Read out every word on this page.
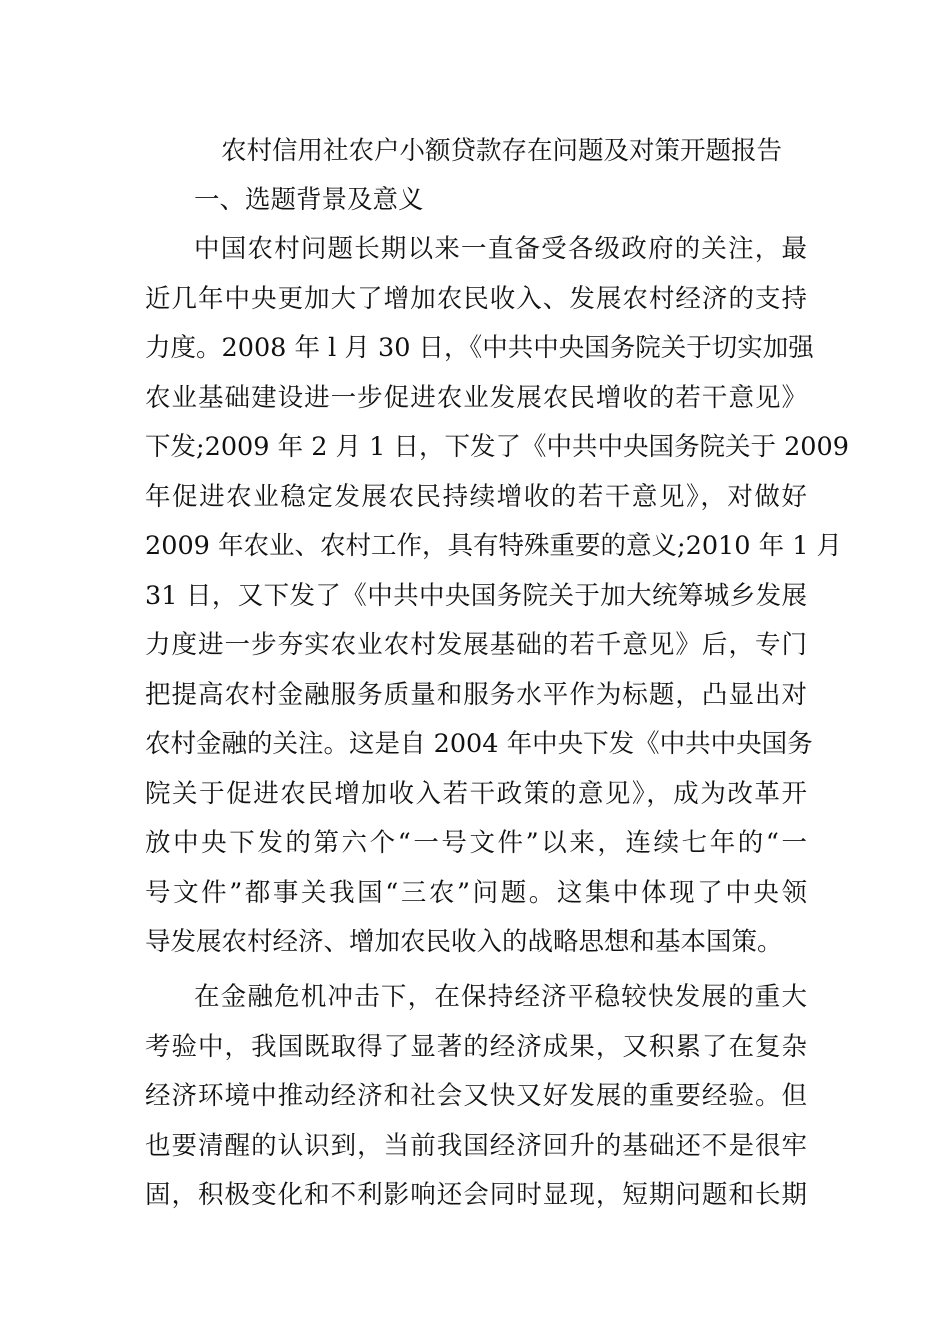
农村信用社农户小额贷款存在问题及对策开题报告
一、选题背景及意义
中国农村问题长期以来一直备受各级政府的关注，最
近几年中央更加大了增加农民收入、发展农村经济的支持
力度。2008 年 l 月 30 日，《中共中央国务院关于切实加强
农业基础建设进一步促进农业发展农民增收的若干意见》
下发;2009 年 2 月 1 日，下发了《中共中央国务院关于 2009
年促进农业稳定发展农民持续增收的若干意见》，对做好
2009 年农业、农村工作，具有特殊重要的意义;2010 年 1 月
31 日，又下发了《中共中央国务院关于加大统筹城乡发展
力度进一步夯实农业农村发展基础的若千意见》后，专门
把提高农村金融服务质量和服务水平作为标题，凸显出对
农村金融的关注。这是自 2004 年中央下发《中共中央国务
院关于促进农民增加收入若干政策的意见》，成为改革开
放中央下发的第六个“一号文件”以来，连续七年的“一
号文件”都事关我国“三农”问题。这集中体现了中央领
导发展农村经济、增加农民收入的战略思想和基本国策。
在金融危机冲击下，在保持经济平稳较快发展的重大
考验中，我国既取得了显著的经济成果，又积累了在复杂
经济环境中推动经济和社会又快又好发展的重要经验。但
也要清醒的认识到，当前我国经济回升的基础还不是很牢
固，积极变化和不利影响还会同时显现，短期问题和长期
